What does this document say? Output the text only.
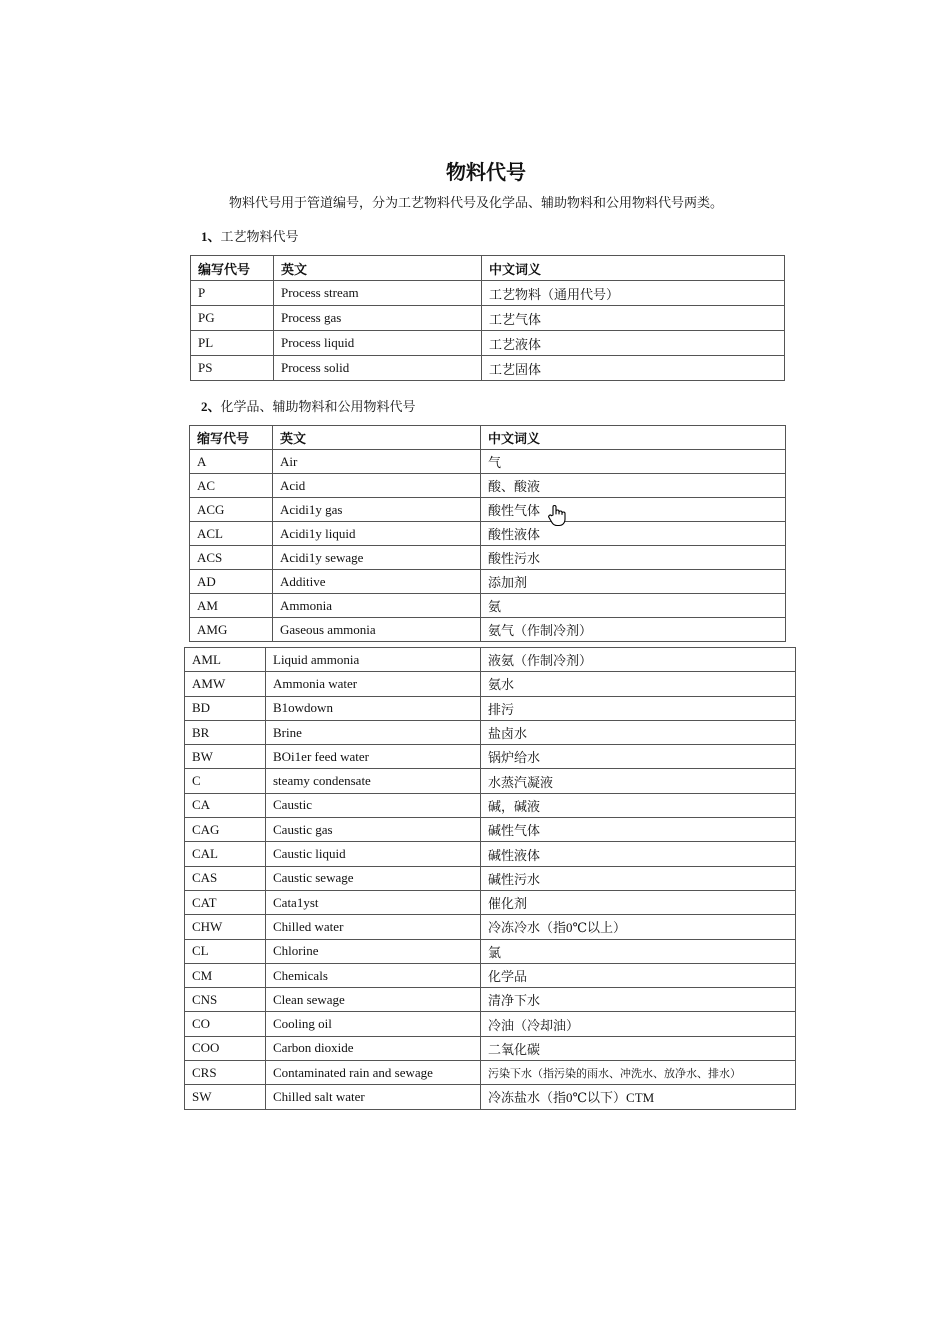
物料代号
物料代号用于管道编号，分为工艺物料代号及化学品、辅助物料和公用物料代号两类。
1、工艺物料代号
编写代号	英文	中文词义
P	Process stream	工艺物料（通用代号）
PG	Process gas	工艺气体
PL	Process liquid	工艺液体
PS	Process solid	工艺固体
2、化学品、辅助物料和公用物料代号
缩写代号	英文	中文词义
A	Air	气
AC	Acid	酸、酸液
ACG	Acidi1y gas	酸性气体
ACL	Acidi1y liquid	酸性液体
ACS	Acidi1y sewage	酸性污水
AD	Additive	添加剂
AM	Ammonia	氨
AMG	Gaseous ammonia	氨气（作制冷剂）
AML	Liquid ammonia	液氨（作制冷剂）
AMW	Ammonia water	氨水
BD	B1owdown	排污
BR	Brine	盐卤水
BW	BOi1er feed water	锅炉给水
C	steamy condensate	水蒸汽凝液
CA	Caustic	碱，碱液
CAG	Caustic gas	碱性气体
CAL	Caustic liquid	碱性液体
CAS	Caustic sewage	碱性污水
CAT	Cata1yst	催化剂
CHW	Chilled water	冷冻冷水（指0℃以上）
CL	Chlorine	氯
CM	Chemicals	化学品
CNS	Clean sewage	清净下水
CO	Cooling oil	冷油（冷却油）
COO	Carbon dioxide	二氧化碳
CRS	Contaminated rain and sewage	污染下水（指污染的雨水、冲洗水、放净水、排水）
SW	Chilled salt water	冷冻盐水（指0℃以下）CTM
